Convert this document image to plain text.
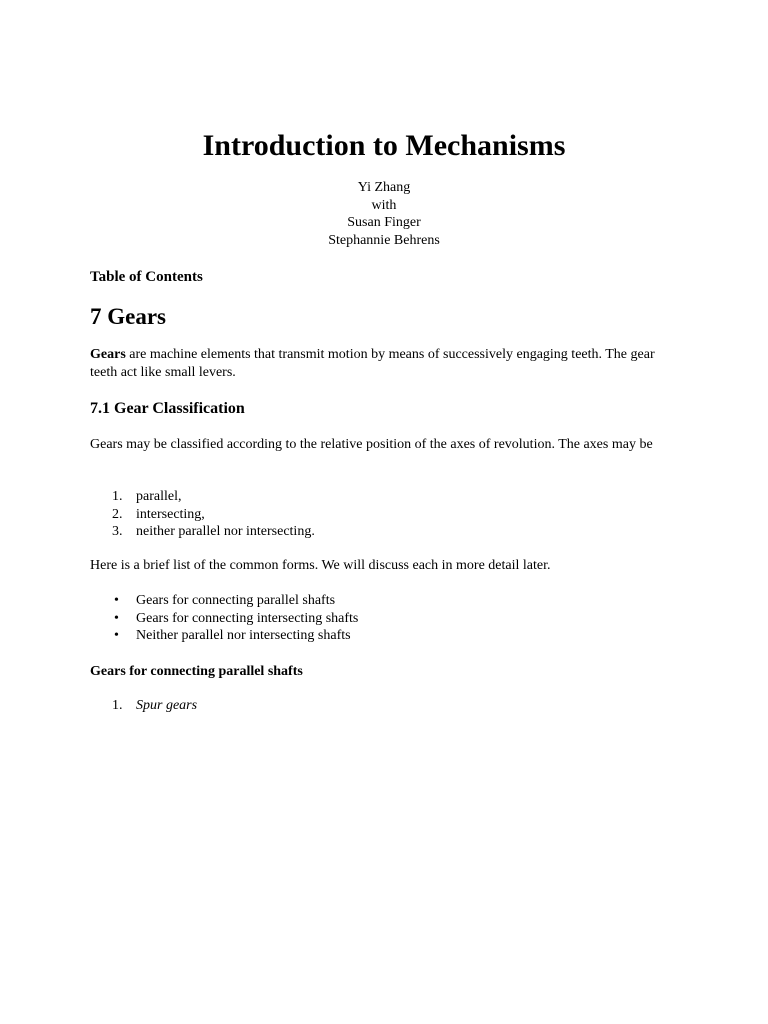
Introduction to Mechanisms
Yi Zhang
with
Susan Finger
Stephannie Behrens
Table of Contents
7 Gears

Gears are machine elements that transmit motion by means of successively engaging teeth. The gear teeth act like small levers.

7.1 Gear Classification

Gears may be classified according to the relative position of the axes of revolution. The axes may be

1. parallel,
2. intersecting,
3. neither parallel nor intersecting.

Here is a brief list of the common forms. We will discuss each in more detail later.

• Gears for connecting parallel shafts
• Gears for connecting intersecting shafts
• Neither parallel nor intersecting shafts
Gears for connecting parallel shafts
1. Spur gears
